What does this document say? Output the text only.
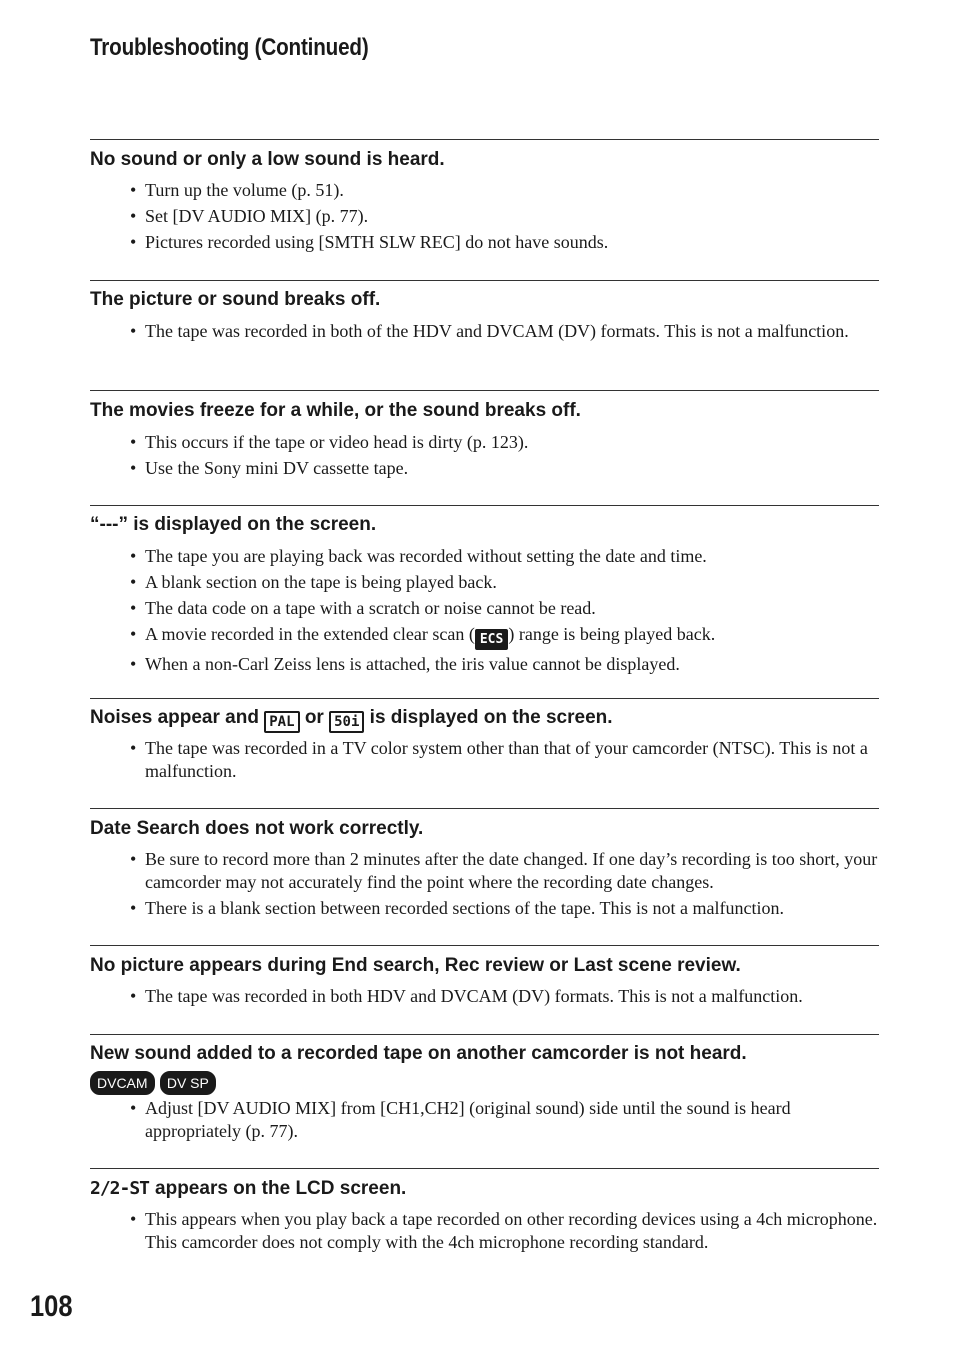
Troubleshooting (Continued)
No sound or only a low sound is heard.
• Turn up the volume (p. 51).
• Set [DV AUDIO MIX] (p. 77).
• Pictures recorded using [SMTH SLW REC] do not have sounds.
The picture or sound breaks off.
• The tape was recorded in both of the HDV and DVCAM (DV) formats. This is not a malfunction.
The movies freeze for a while, or the sound breaks off.
• This occurs if the tape or video head is dirty (p. 123).
• Use the Sony mini DV cassette tape.
“---” is displayed on the screen.
• The tape you are playing back was recorded without setting the date and time.
• A blank section on the tape is being played back.
• The data code on a tape with a scratch or noise cannot be read.
• A movie recorded in the extended clear scan ( ECS ) range is being played back.
• When a non-Carl Zeiss lens is attached, the iris value cannot be displayed.
Noises appear and PAL or 50i is displayed on the screen.
• The tape was recorded in a TV color system other than that of your camcorder (NTSC). This is not a malfunction.
Date Search does not work correctly.
• Be sure to record more than 2 minutes after the date changed. If one day’s recording is too short, your camcorder may not accurately find the point where the recording date changes.
• There is a blank section between recorded sections of the tape. This is not a malfunction.
No picture appears during End search, Rec review or Last scene review.
• The tape was recorded in both HDV and DVCAM (DV) formats. This is not a malfunction.
New sound added to a recorded tape on another camcorder is not heard.
DVCAM DV SP
• Adjust [DV AUDIO MIX] from [CH1,CH2] (original sound) side until the sound is heard appropriately (p. 77).
2/2-ST appears on the LCD screen.
• This appears when you play back a tape recorded on other recording devices using a 4ch microphone. This camcorder does not comply with the 4ch microphone recording standard.
108
